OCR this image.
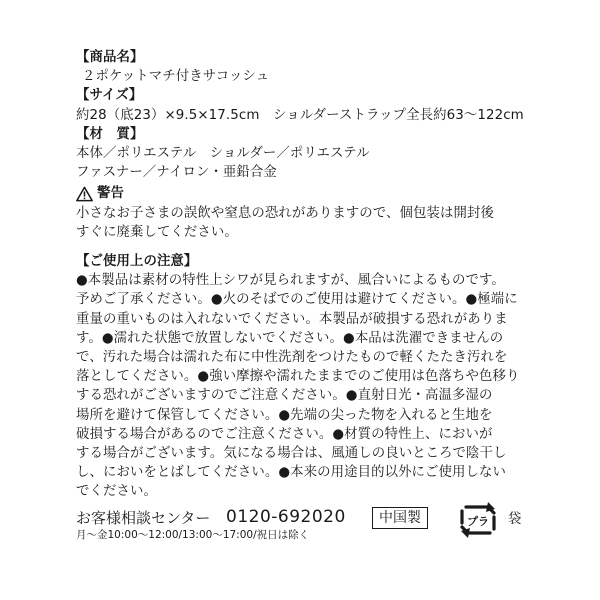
【商品名】
２ポケットマチ付きサコッシュ
【サイズ】
約28（底23）×9.5×17.5cm　ショルダーストラップ全長約63～122cm
【材　質】
本体／ポリエステル　ショルダー／ポリエステル
ファスナー／ナイロン・亜鉛合金
警告
小さなお子さまの誤飲や窒息の恐れがありますので、個包装は開封後
すぐに廃棄してください。
【ご使用上の注意】
●本製品は素材の特性上シワが見られますが、風合いによるものです。
予めご了承ください。●火のそばでのご使用は避けてください。●極端に
重量の重いものは入れないでください。本製品が破損する恐れがありま
す。●濡れた状態で放置しないでください。●本品は洗濯できませんの
で、汚れた場合は濡れた布に中性洗剤をつけたもので軽くたたき汚れを
落としてください。●強い摩擦や濡れたままでのご使用は色落ちや色移り
する恐れがございますのでご注意ください。●直射日光・高温多湿の
場所を避けて保管してください。●先端の尖った物を入れると生地を
破損する場合があるのでご注意ください。●材質の特性上、においが
する場合がございます。気になる場合は、風通しの良いところで陰干し
し、においをとばしてください。●本来の用途目的以外にご使用しない
でください。
お客様相談センター 0120-692020
月～金10:00～12:00/13:00～17:00/祝日は除く
中国製	プラ 袋
